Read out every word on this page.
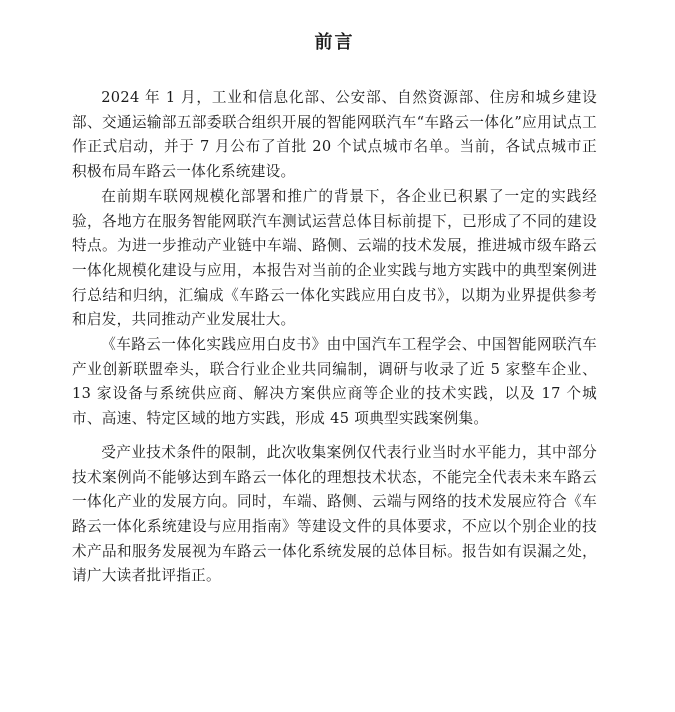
前言

2024 年 1 月，工业和信息化部、公安部、自然资源部、住房和城乡建设部、交通运输部五部委联合组织开展的智能网联汽车“车路云一体化”应用试点工作正式启动，并于 7 月公布了首批 20 个试点城市名单。当前，各试点城市正积极布局车路云一体化系统建设。

在前期车联网规模化部署和推广的背景下，各企业已积累了一定的实践经验，各地方在服务智能网联汽车测试运营总体目标前提下，已形成了不同的建设特点。为进一步推动产业链中车端、路侧、云端的技术发展，推进城市级车路云一体化规模化建设与应用，本报告对当前的企业实践与地方实践中的典型案例进行总结和归纳，汇编成《车路云一体化实践应用白皮书》，以期为业界提供参考和启发，共同推动产业发展壮大。

《车路云一体化实践应用白皮书》由中国汽车工程学会、中国智能网联汽车产业创新联盟牵头，联合行业企业共同编制，调研与收录了近 5 家整车企业、13 家设备与系统供应商、解决方案供应商等企业的技术实践，以及 17 个城市、高速、特定区域的地方实践，形成 45 项典型实践案例集。

受产业技术条件的限制，此次收集案例仅代表行业当时水平能力，其中部分技术案例尚不能够达到车路云一体化的理想技术状态，不能完全代表未来车路云一体化产业的发展方向。同时，车端、路侧、云端与网络的技术发展应符合《车路云一体化系统建设与应用指南》等建设文件的具体要求，不应以个别企业的技术产品和服务发展视为车路云一体化系统发展的总体目标。报告如有误漏之处，请广大读者批评指正。
